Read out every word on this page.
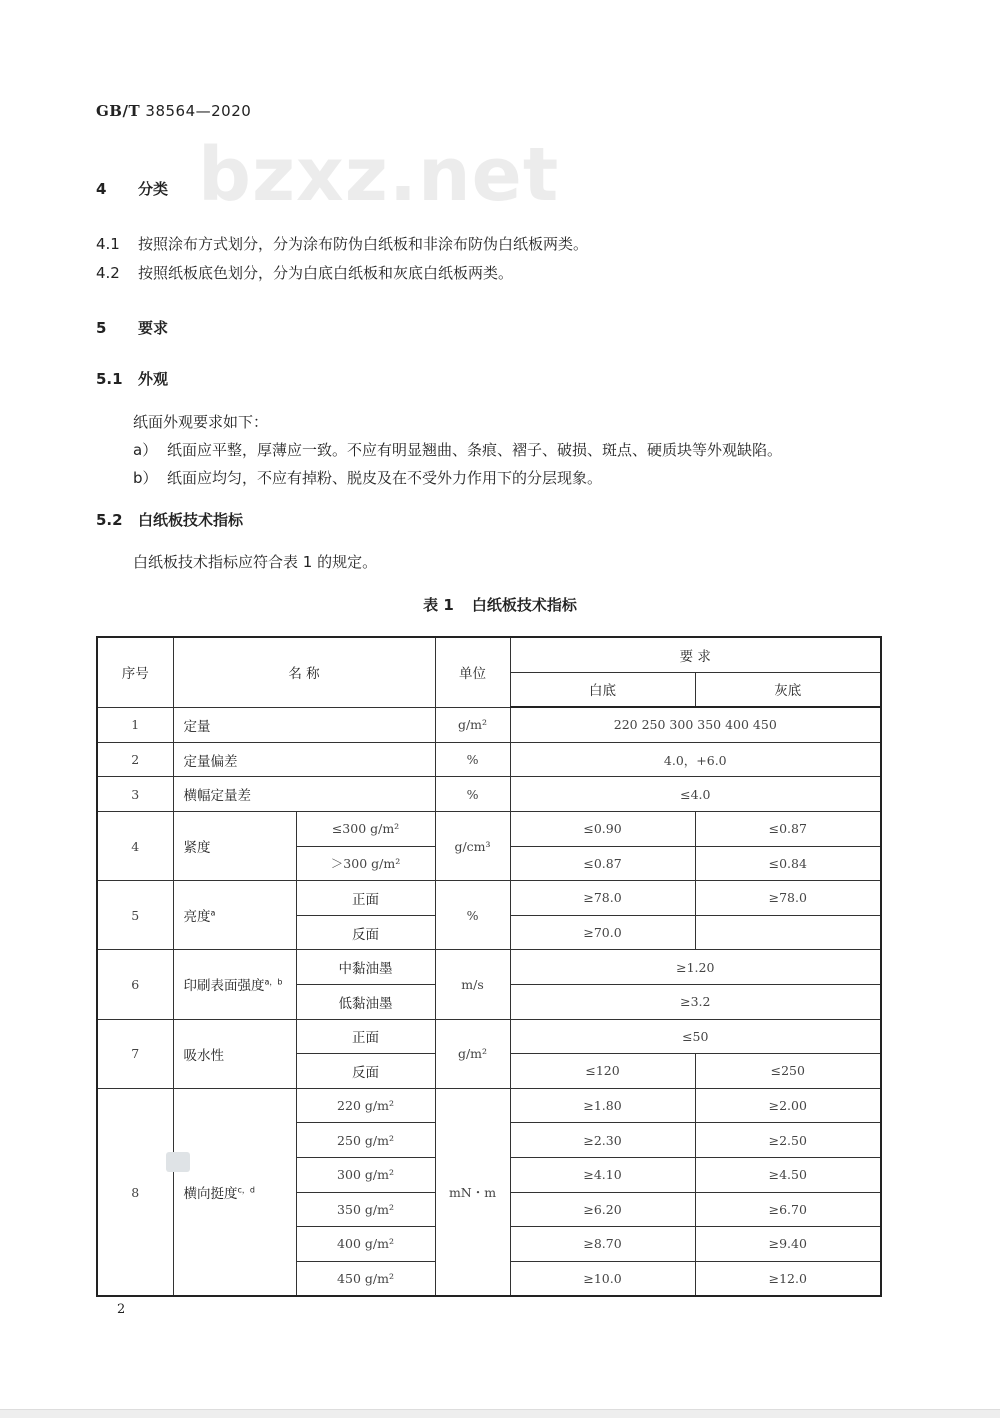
GB/T 38564—2020
bzxz.net
4 分类
4.1 按照涂布方式划分，分为涂布防伪白纸板和非涂布防伪白纸板两类。
4.2 按照纸板底色划分，分为白底白纸板和灰底白纸板两类。
5 要求
5.1 外观
纸面外观要求如下：
a） 纸面应平整，厚薄应一致。不应有明显翘曲、条痕、褶子、破损、斑点、硬质块等外观缺陷。
b） 纸面应均匀，不应有掉粉、脱皮及在不受外力作用下的分层现象。
5.2 白纸板技术指标
白纸板技术指标应符合表 1 的规定。
表 1 白纸板技术指标
序号	名 称		单位	要 求	
				白底	灰底
1	定量		g/m²	220 250 300 350 400 450	
2	定量偏差		%	4.0，+6.0	
3	横幅定量差		%	≤4.0	
4	紧度	≤300 g/m²	g/cm³	≤0.90	≤0.87
		＞300 g/m²		≤0.87	≤0.84
5	亮度$^a$	正面	%	≥78.0	≥78.0
		反面		≥70.0	
6	印刷表面强度$^{a,b}$	中黏油墨	m/s	≥1.20	
		低黏油墨		≥3.2	
7	吸水性	正面	g/m²	≤50	
		反面		≤120	≤250
8	横向挺度$^{c,d}$	220 g/m²	mN・m	≥1.80	≥2.00
		250 g/m²		≥2.30	≥2.50
		300 g/m²		≥4.10	≥4.50
		350 g/m²		≥6.20	≥6.70
		400 g/m²		≥8.70	≥9.40
		450 g/m²		≥10.0	≥12.0
2
